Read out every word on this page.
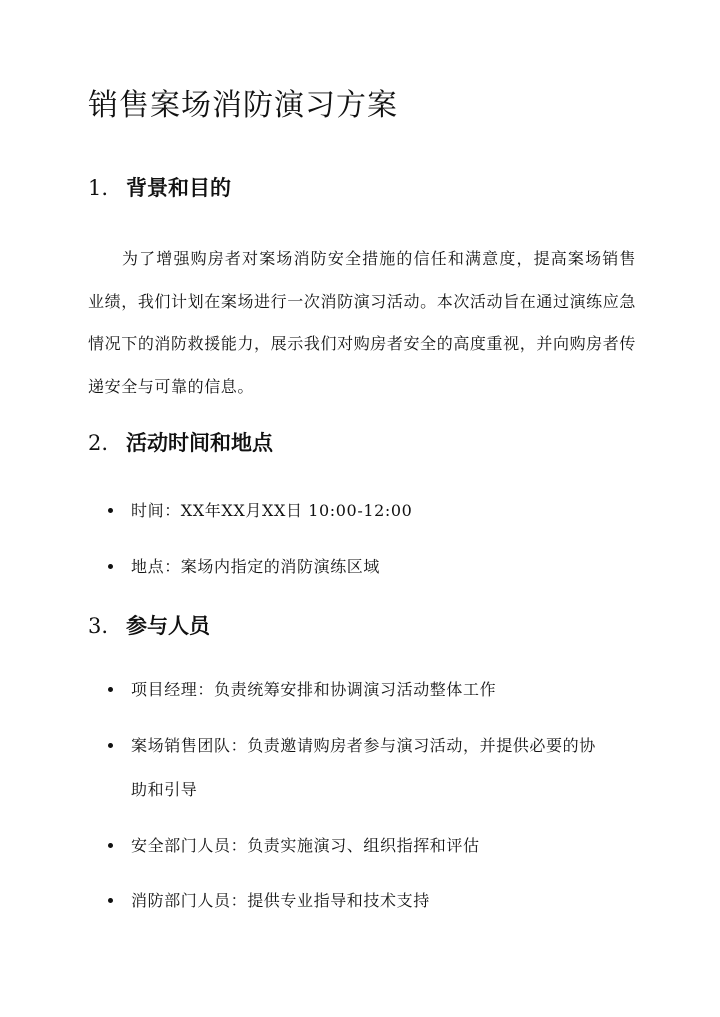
销售案场消防演习方案
1. 背景和目的

为了增强购房者对案场消防安全措施的信任和满意度，提高案场销售业绩，我们计划在案场进行一次消防演习活动。本次活动旨在通过演练应急情况下的消防救援能力，展示我们对购房者安全的高度重视，并向购房者传递安全与可靠的信息。

2. 活动时间和地点
时间：XX年XX月XX日 10:00-12:00
地点：案场内指定的消防演练区域
3. 参与人员
项目经理：负责统筹安排和协调演习活动整体工作
案场销售团队：负责邀请购房者参与演习活动，并提供必要的协助和引导
安全部门人员：负责实施演习、组织指挥和评估
消防部门人员：提供专业指导和技术支持
